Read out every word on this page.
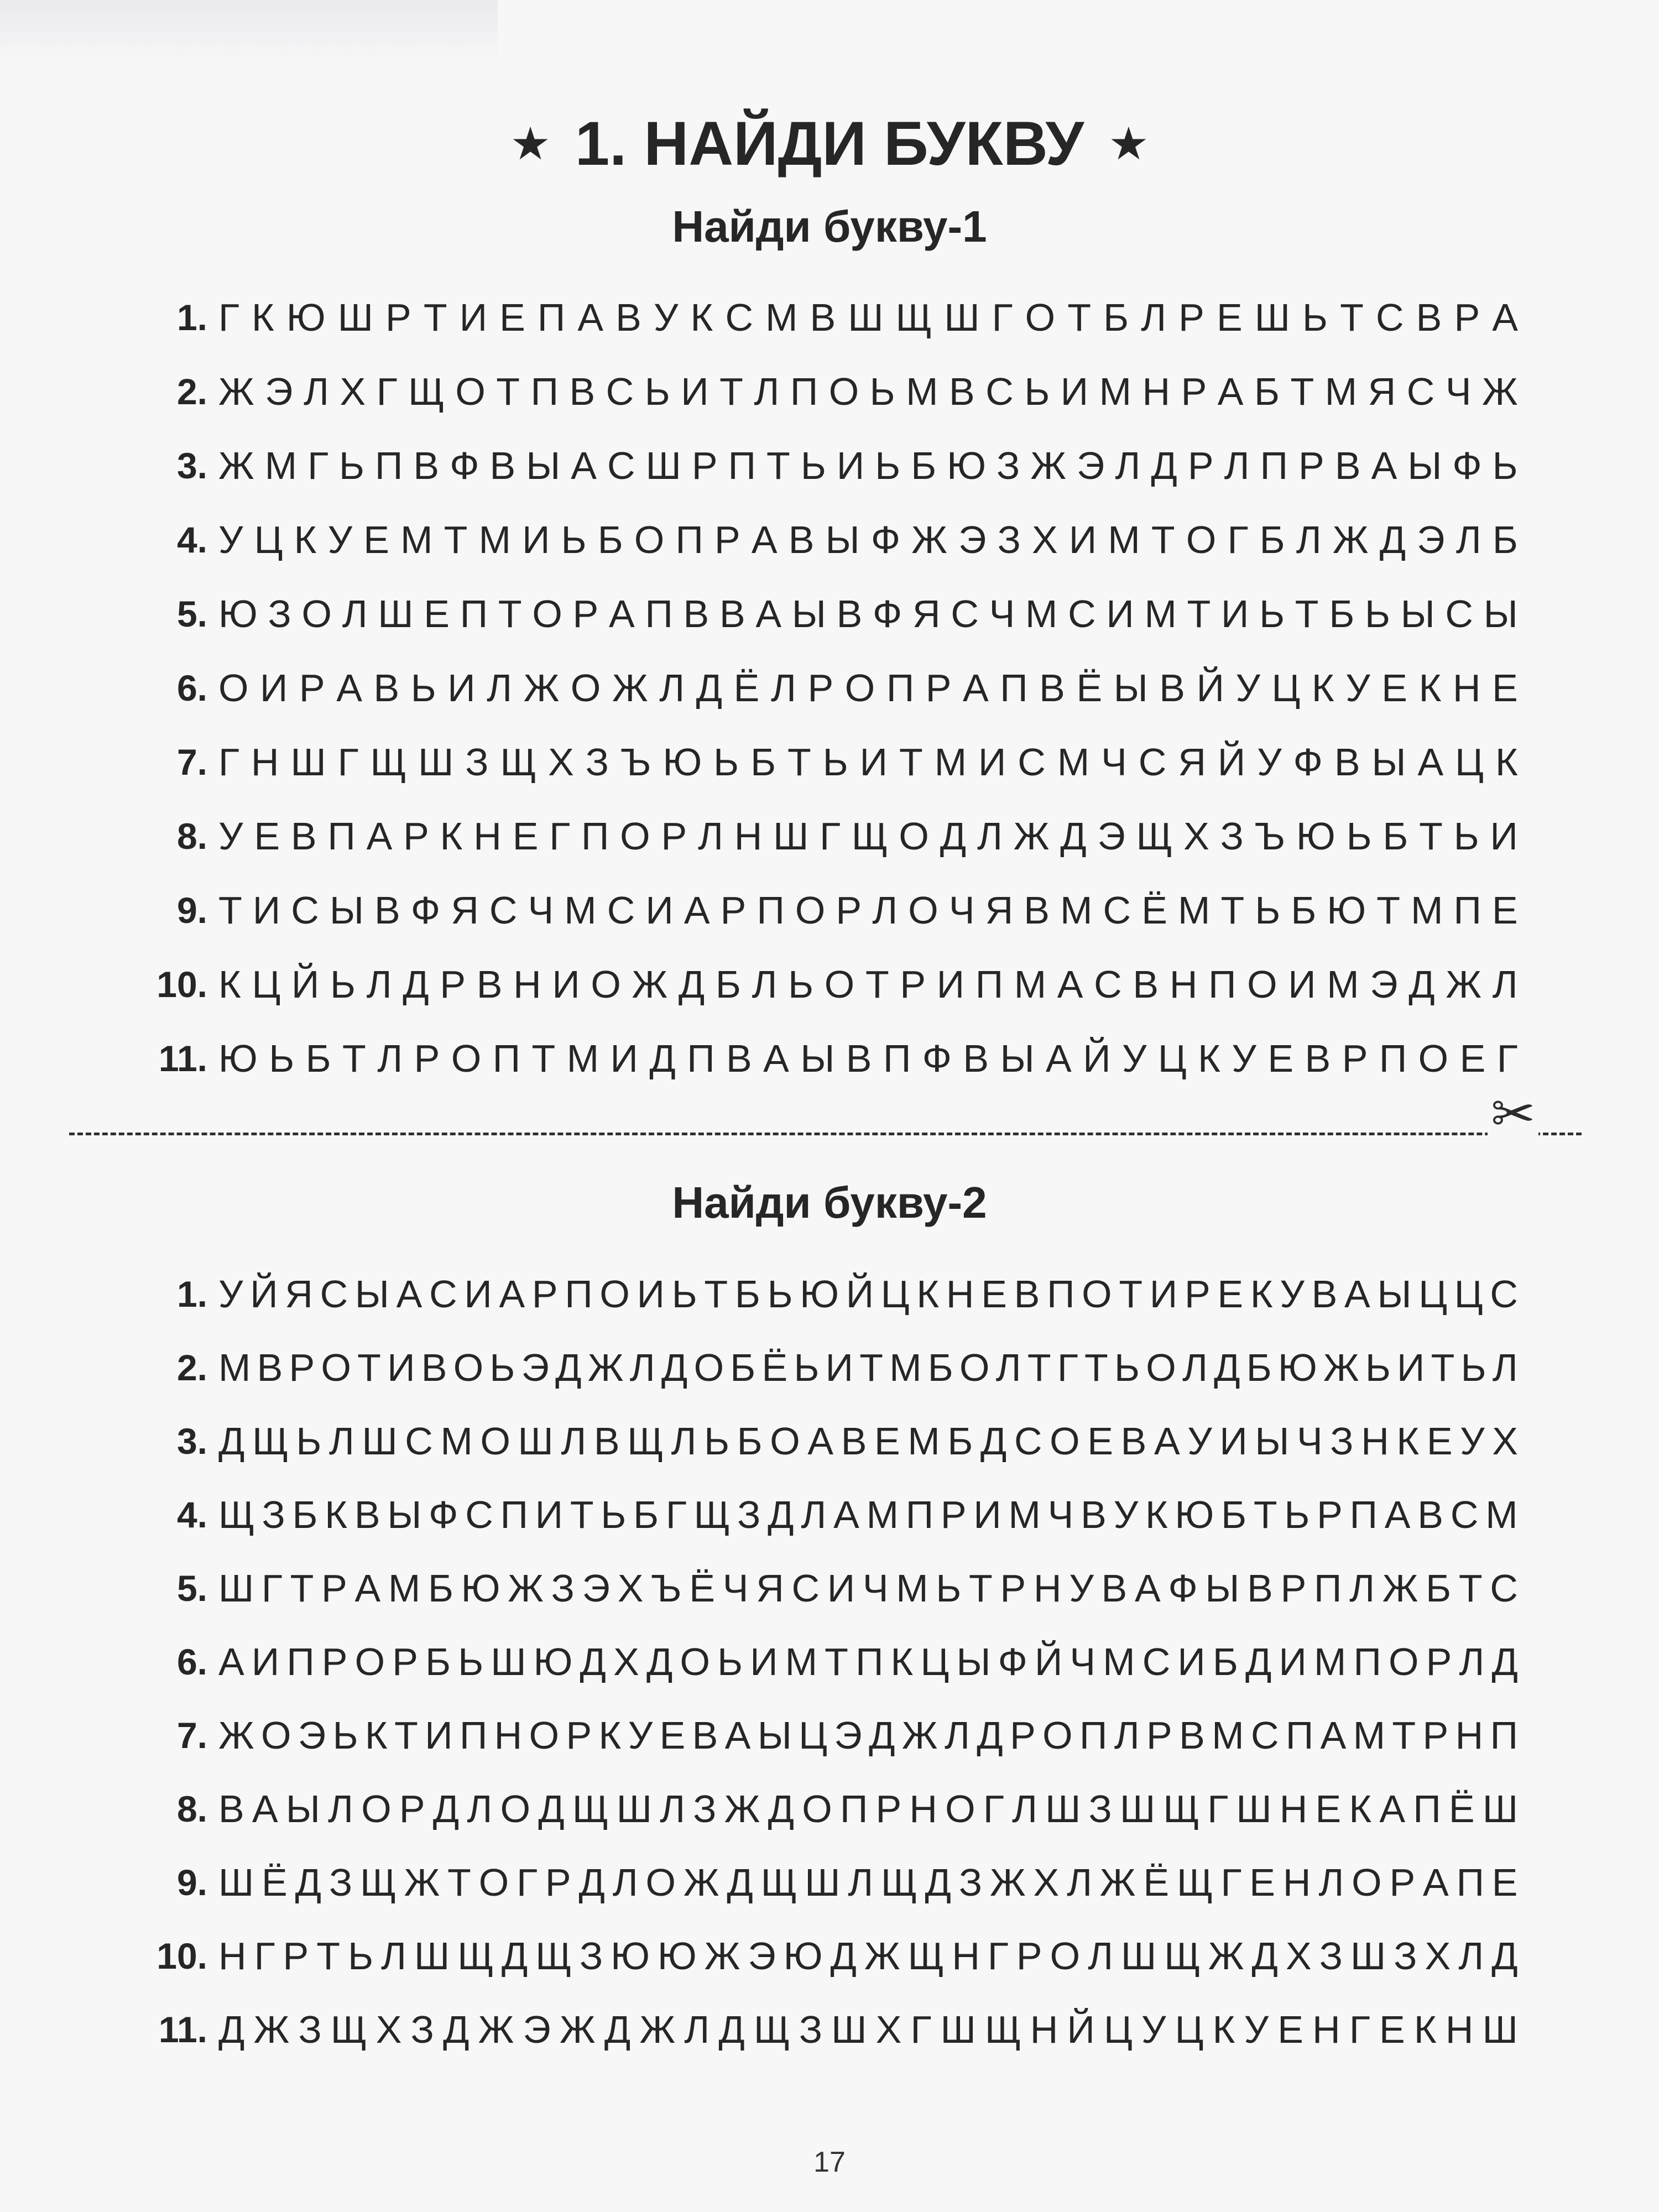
★ 1. НАЙДИ БУКВУ ★
Найди букву-1
1. Г К Ю Ш Р Т И Е П А В У К С М В Ш Щ Ш Г О Т Б Л Р Е Ш Ь Т С В Р А
2. Ж Э Л Х Г Щ О Т П В С Ь И Т Л П О Ь М В С Ь И М Н Р А Б Т М Я С Ч Ж
3. Ж М Г Ь П В Ф В Ы А С Ш Р П Т Ь И Ь Б Ю З Ж Э Л Д Р Л П Р В А Ы Ф Ь
4. У Ц К У Е М Т М И Ь Б О П Р А В Ы Ф Ж Э З Х И М Т О Г Б Л Ж Д Э Л Б
5. Ю З О Л Ш Е П Т О Р А П В В А Ы В Ф Я С Ч М С И М Т И Ь Т Б Ь Ы С Ы
6. О И Р А В Ь И Л Ж О Ж Л Д Ё Л Р О П Р А П В Ё Ы В Й У Ц К У Е К Н Е
7. Г Н Ш Г Щ Ш З Щ Х З Ъ Ю Ь Б Т Ь И Т М И С М Ч С Я Й У Ф В Ы А Ц К
8. У Е В П А Р К Н Е Г П О Р Л Н Ш Г Щ О Д Л Ж Д Э Щ Х З Ъ Ю Ь Б Т Ь И
9. Т И С Ы В Ф Я С Ч М С И А Р П О Р Л О Ч Я В М С Ё М Т Ь Б Ю Т М П Е
10. К Ц Й Ь Л Д Р В Н И О Ж Д Б Л Ь О Т Р И П М А С В Н П О И М Э Д Ж Л
11. Ю Ь Б Т Л Р О П Т М И Д П В А Ы В П Ф В Ы А Й У Ц К У Е В Р П О Е Г
✂
Найди букву-2
1. У Й Я С Ы А С И А Р П О И Ь Т Б Ь Ю Й Ц К Н Е В П О Т И Р Е К У В А Ы Ц Ц С
2. М В Р О Т И В О Ь Э Д Ж Л Д О Б Ё Ь И Т М Б О Л Т Г Т Ь О Л Д Б Ю Ж Ь И Т Ь Л
3. Д Щ Ь Л Ш С М О Ш Л В Щ Л Ь Б О А В Е М Б Д С О Е В А У И Ы Ч З Н К Е У Х
4. Щ З Б К В Ы Ф С П И Т Ь Б Г Щ З Д Л А М П Р И М Ч В У К Ю Б Т Ь Р П А В С М
5. Ш Г Т Р А М Б Ю Ж З Э Х Ъ Ё Ч Я С И Ч М Ь Т Р Н У В А Ф Ы В Р П Л Ж Б Т С
6. А И П Р О Р Б Ь Ш Ю Д Х Д О Ь И М Т П К Ц Ы Ф Й Ч М С И Б Д И М П О Р Л Д
7. Ж О Э Ь К Т И П Н О Р К У Е В А Ы Ц Э Д Ж Л Д Р О П Л Р В М С П А М Т Р Н П
8. В А Ы Л О Р Д Л О Д Щ Ш Л З Ж Д О П Р Н О Г Л Ш З Ш Щ Г Ш Н Е К А П Ё Ш
9. Ш Ё Д З Щ Ж Т О Г Р Д Л О Ж Д Щ Ш Л Щ Д З Ж Х Л Ж Ё Щ Г Е Н Л О Р А П Е
10. Н Г Р Т Ь Л Ш Щ Д Щ З Ю Ю Ж Э Ю Д Ж Щ Н Г Р О Л Ш Щ Ж Д Х З Ш З Х Л Д
11. Д Ж З Щ Х З Д Ж Э Ж Д Ж Л Д Щ З Ш Х Г Ш Щ Н Й Ц У Ц К У Е Н Г Е К Н Ш
17
